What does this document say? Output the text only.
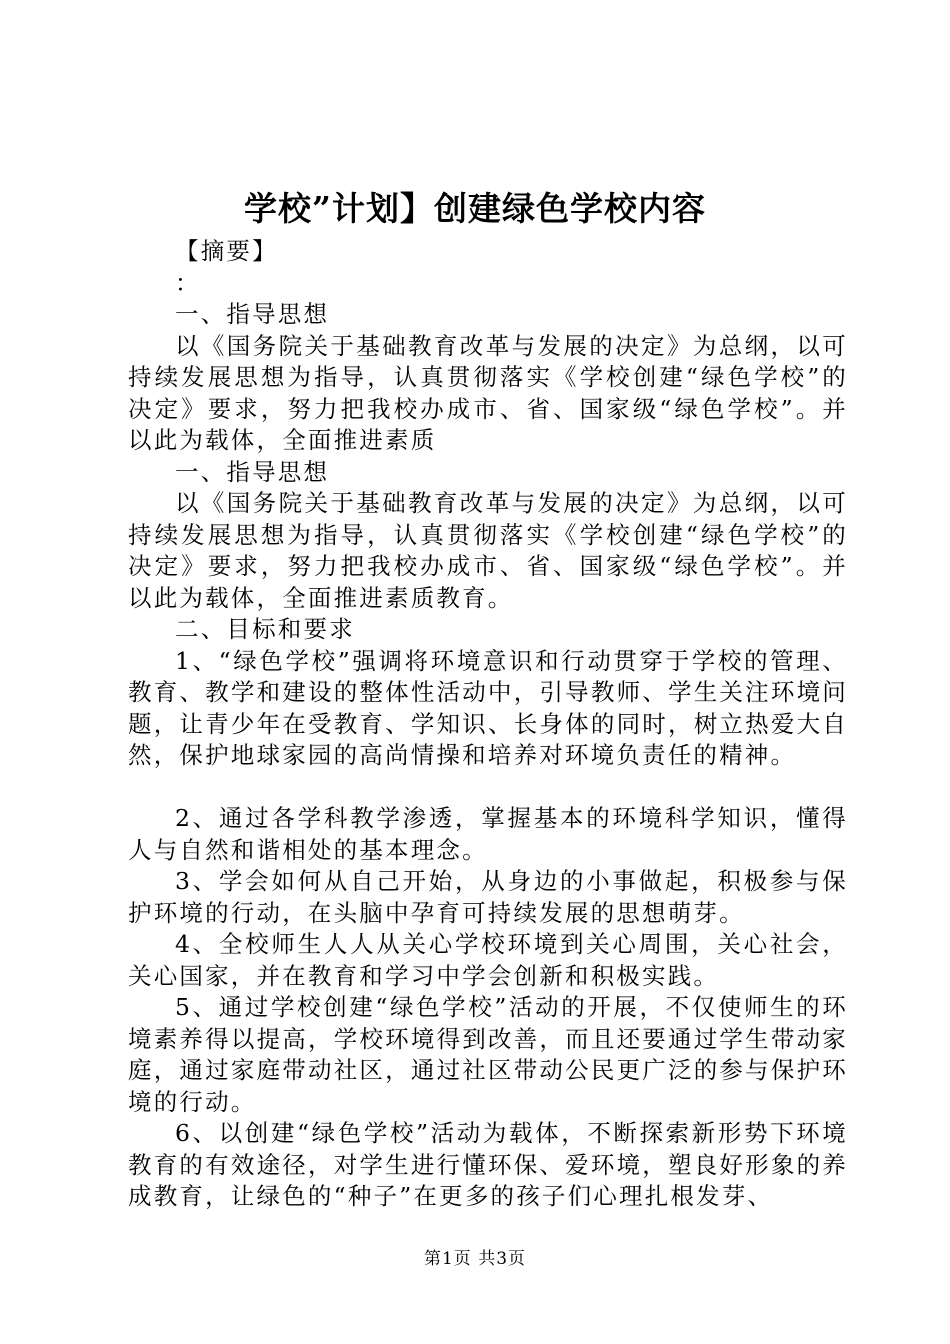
学校”计划】创建绿色学校内容

【摘要】

：

一、指导思想

以《国务院关于基础教育改革与发展的决定》为总纲，以可持续发展思想为指导，认真贯彻落实《学校创建“绿色学校”的决定》要求，努力把我校办成市、省、国家级“绿色学校”。并以此为载体，全面推进素质

一、指导思想

以《国务院关于基础教育改革与发展的决定》为总纲，以可持续发展思想为指导，认真贯彻落实《学校创建“绿色学校”的决定》要求，努力把我校办成市、省、国家级“绿色学校”。并以此为载体，全面推进素质教育。

二、目标和要求

1、“绿色学校”强调将环境意识和行动贯穿于学校的管理、教育、教学和建设的整体性活动中，引导教师、学生关注环境问题，让青少年在受教育、学知识、长身体的同时，树立热爱大自然，保护地球家园的高尚情操和培养对环境负责任的精神。

2、通过各学科教学渗透，掌握基本的环境科学知识，懂得人与自然和谐相处的基本理念。

3、学会如何从自己开始，从身边的小事做起，积极参与保护环境的行动，在头脑中孕育可持续发展的思想萌芽。

4、全校师生人人从关心学校环境到关心周围，关心社会，关心国家，并在教育和学习中学会创新和积极实践。

5、通过学校创建“绿色学校”活动的开展，不仅使师生的环境素养得以提高，学校环境得到改善，而且还要通过学生带动家庭，通过家庭带动社区，通过社区带动公民更广泛的参与保护环境的行动。

6、以创建“绿色学校”活动为载体，不断探索新形势下环境教育的有效途径，对学生进行懂环保、爱环境，塑良好形象的养成教育，让绿色的“种子”在更多的孩子们心理扎根发芽、

第1页 共3页
